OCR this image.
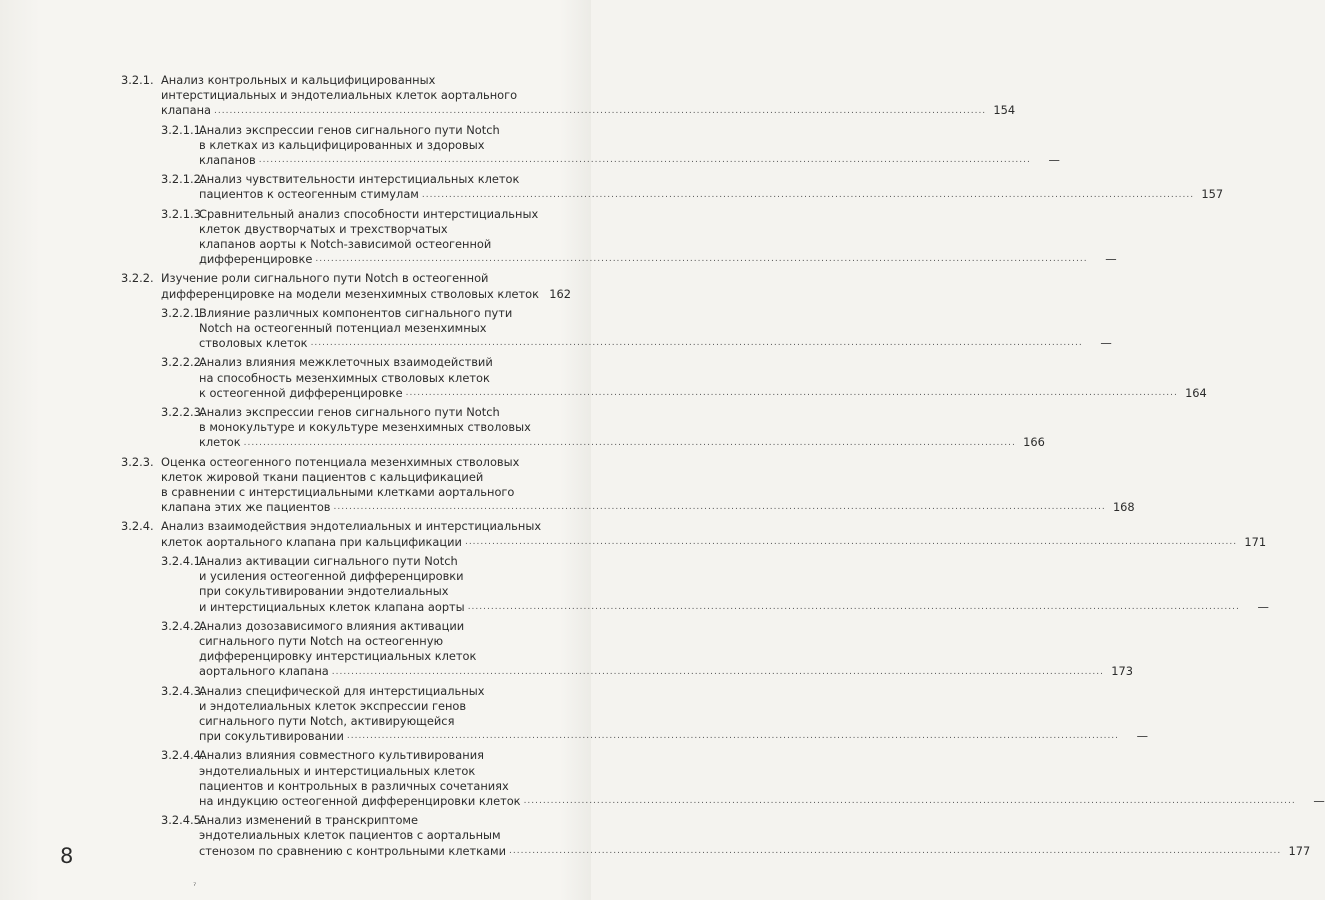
3.2.1. Анализ контрольных и кальцифицированных
интерстициальных и эндотелиальных клеток аортального
клапана ........................................................................................................................................................................................................ 154
3.2.1.1.
Анализ экспрессии генов сигнального пути Notch
в клетках из кальцифицированных и здоровых
клапанов ........................................................................................................................................................................................................	—
3.2.1.2.
Анализ чувствительности интерстициальных клеток
пациентов к остеогенным стимулам ........................................................................................................................................................................................................ 157
3.2.1.3.
Сравнительный анализ способности интерстициальных
клеток двустворчатых и трехстворчатых
клапанов аорты к Notch-зависимой остеогенной
дифференцировке ........................................................................................................................................................................................................	—
3.2.2. Изучение роли сигнального пути Notch в остеогенной
дифференцировке на модели мезенхимных стволовых клеток 162
3.2.2.1.
Влияние различных компонентов сигнального пути
Notch на остеогенный потенциал мезенхимных
стволовых клеток ........................................................................................................................................................................................................	—
3.2.2.2.
Анализ влияния межклеточных взаимодействий
на способность мезенхимных стволовых клеток
к остеогенной дифференцировке ........................................................................................................................................................................................................ 164
3.2.2.3.
Анализ экспрессии генов сигнального пути Notch
в монокультуре и кокультуре мезенхимных стволовых
клеток ........................................................................................................................................................................................................ 166
3.2.3. Оценка остеогенного потенциала мезенхимных стволовых
клеток жировой ткани пациентов с кальцификацией
в сравнении с интерстициальными клетками аортального
клапана этих же пациентов ........................................................................................................................................................................................................ 168
3.2.4. Анализ взаимодействия эндотелиальных и интерстициальных
клеток аортального клапана при кальцификации ........................................................................................................................................................................................................ 171
3.2.4.1.
Анализ активации сигнального пути Notch
и усиления остеогенной дифференцировки
при сокультивировании эндотелиальных
и интерстициальных клеток клапана аорты ........................................................................................................................................................................................................	—
3.2.4.2.
Анализ дозозависимого влияния активации
сигнального пути Notch на остеогенную
дифференцировку интерстициальных клеток
аортального клапана ........................................................................................................................................................................................................ 173
3.2.4.3.
Анализ специфической для интерстициальных
и эндотелиальных клеток экспрессии генов
сигнального пути Notch, активирующейся
при сокультивировании ........................................................................................................................................................................................................	—
3.2.4.4.
Анализ влияния совместного культивирования
эндотелиальных и интерстициальных клеток
пациентов и контрольных в различных сочетаниях
на индукцию остеогенной дифференцировки клеток ........................................................................................................................................................................................................	—
3.2.4.5.
Анализ изменений в транскриптоме
эндотелиальных клеток пациентов с аортальным
стенозом по сравнению с контрольными клетками ........................................................................................................................................................................................................ 177
8
ˀ
